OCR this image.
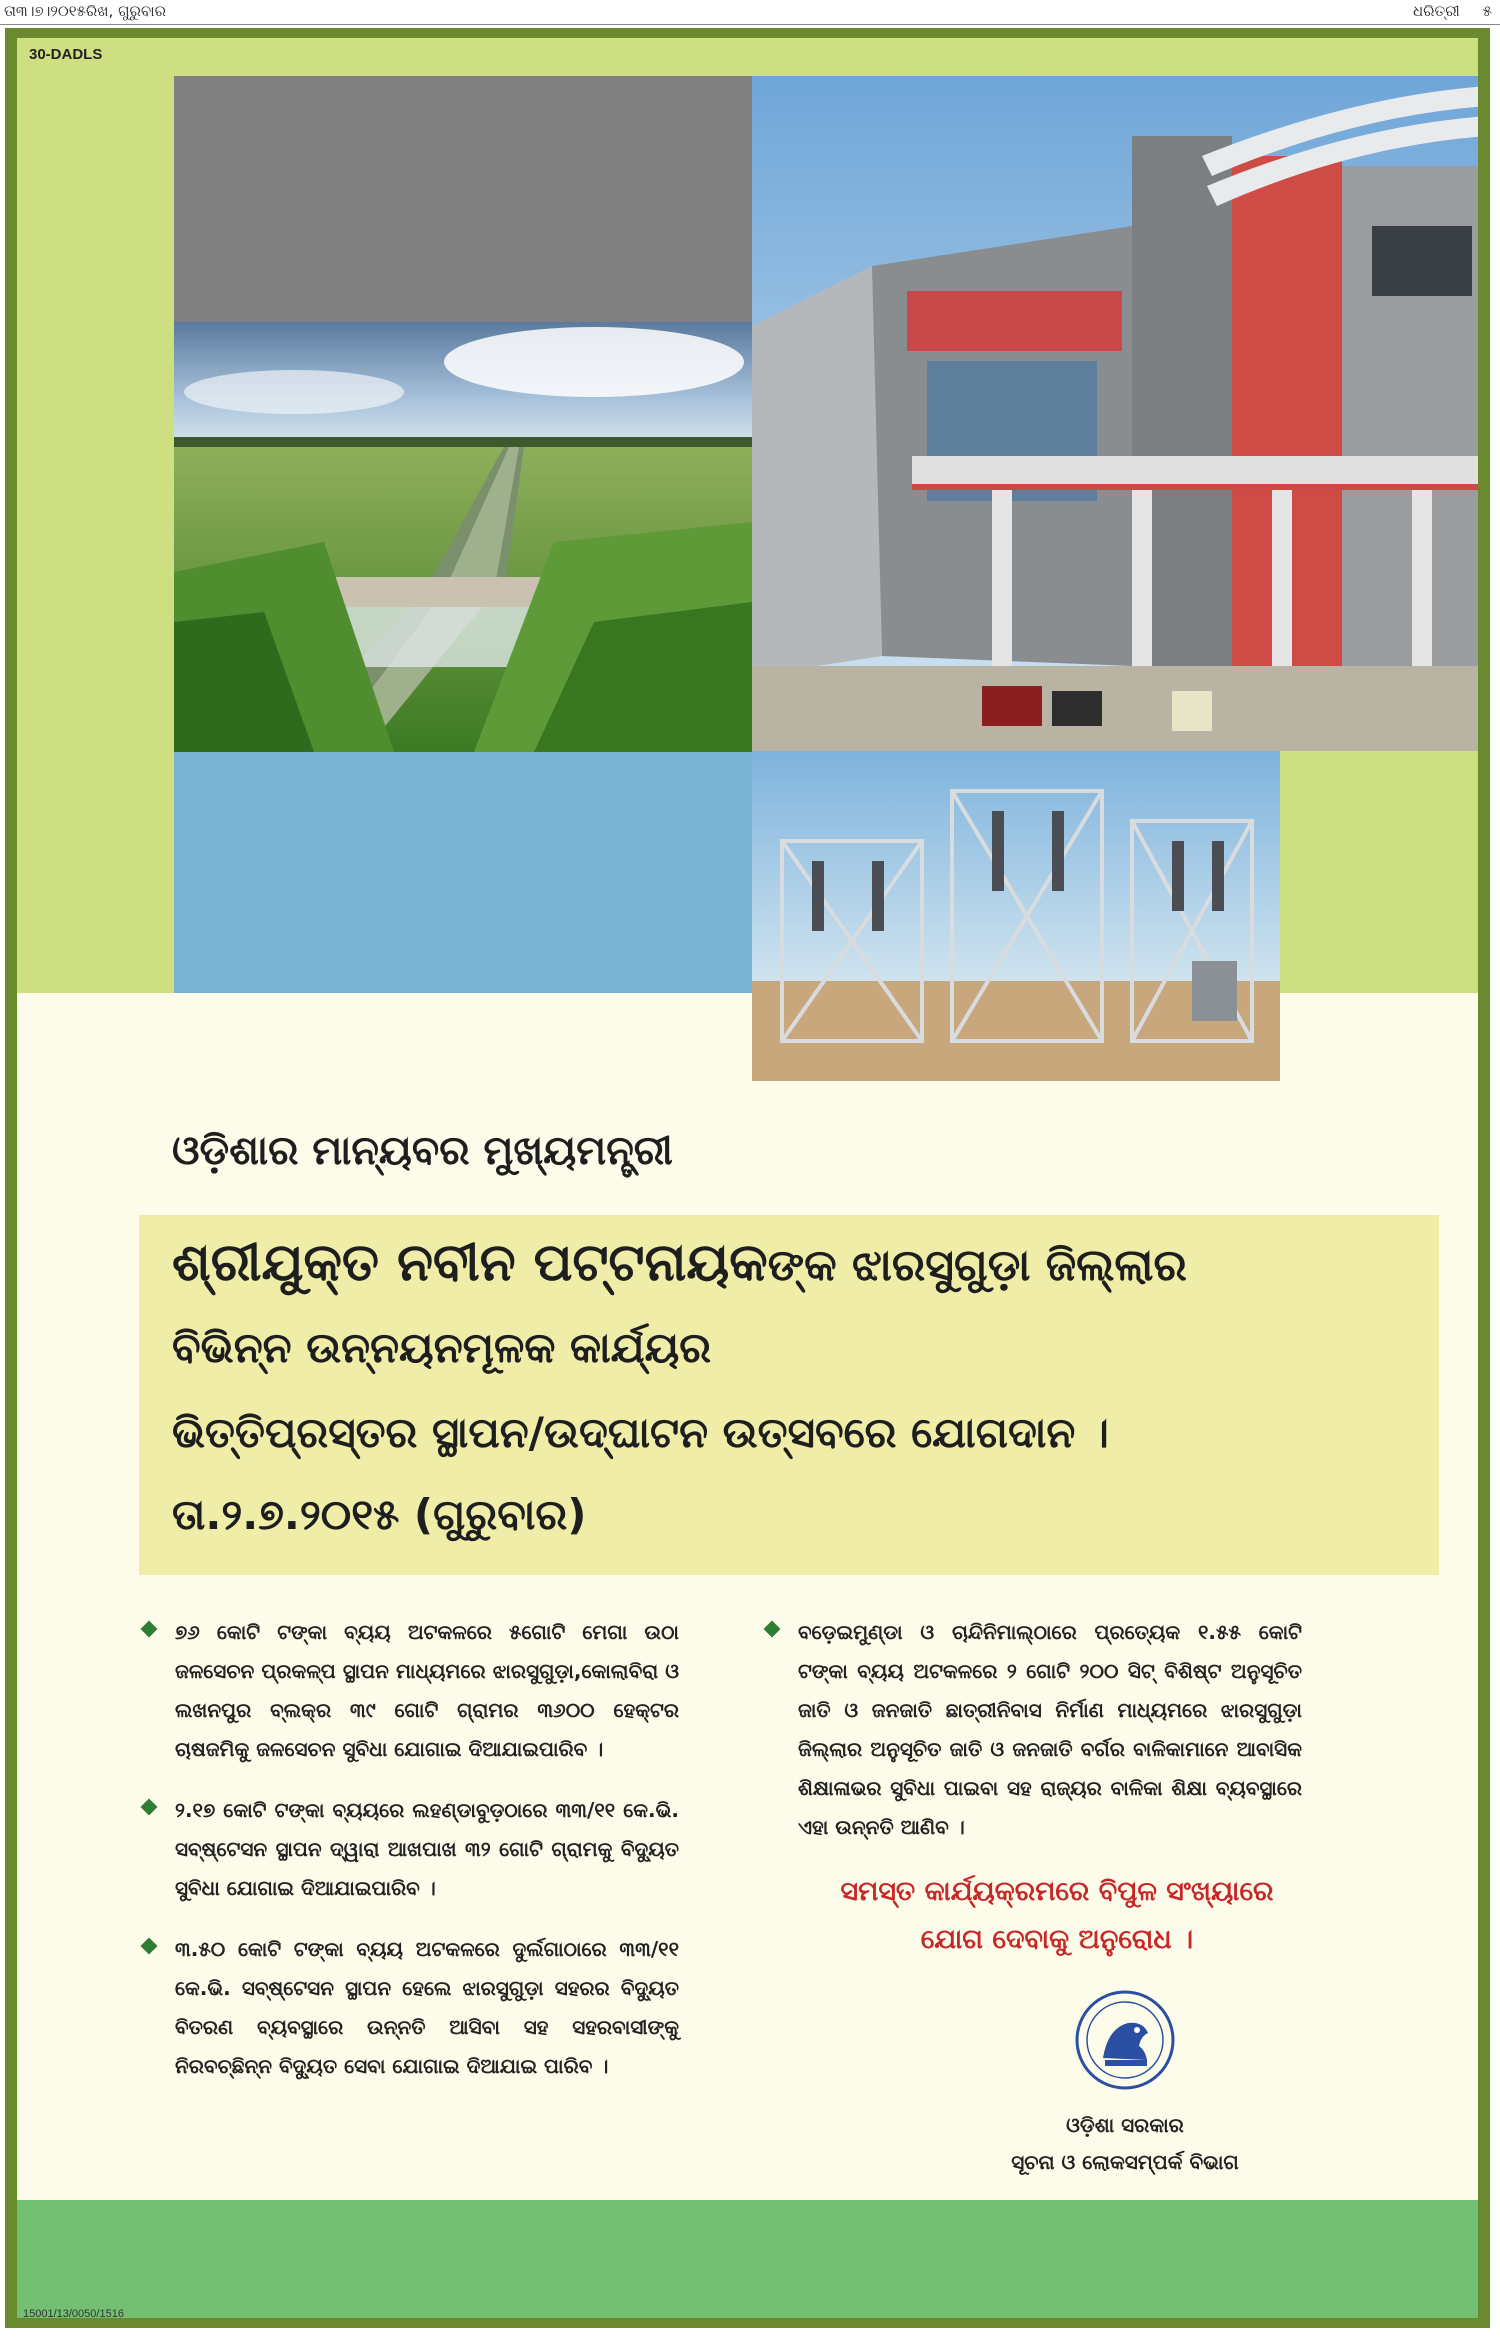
ତା୩।୭।୨୦୧୫ରିଖ, ଗୁରୁବାର	ଧରିତ୍ରୀ ୫
30-DADLS
ଓଡ଼ିଶାର ମାନ୍ୟବର ମୁଖ୍ୟମନ୍ତ୍ରୀ
ଶ୍ରୀଯୁକ୍ତ ନବୀନ ପଟ୍ଟନାୟକଙ୍କ ଝାରସୁଗୁଡ଼ା ଜିଲ୍ଲାର
ବିଭିନ୍ନ ଉନ୍ନୟନମୂଳକ କାର୍ଯ୍ୟର
ଭିତ୍ତିପ୍ରସ୍ତର ସ୍ଥାପନ/ଉଦ୍‌ଘାଟନ ଉତ୍ସବରେ ଯୋଗଦାନ ।
ତା.୨.୭.୨୦୧୫ (ଗୁରୁବାର)
୭୬ କୋଟି ଟଙ୍କା ବ୍ୟୟ ଅଟକଳରେ ୫ଗୋଟି ମେଗା ଉଠା ଜଳସେଚନ ପ୍ରକଳ୍ପ ସ୍ଥାପନ ମାଧ୍ୟମରେ ଝାରସୁଗୁଡ଼ା,କୋଲାବିରା ଓ ଲଖନପୁର ବ୍ଲକ୍‌ର ୩୯ ଗୋଟି ଗ୍ରାମର ୩୬୦୦ ହେକ୍ଟର ଚାଷଜମିକୁ ଜଳସେଚନ ସୁବିଧା ଯୋଗାଇ ଦିଆଯାଇପାରିବ ।
୨.୧୭ କୋଟି ଟଙ୍କା ବ୍ୟୟରେ ଲହଣ୍ଡାବୁଡ଼ଠାରେ ୩୩/୧୧ କେ.ଭି. ସବ୍‌ଷ୍ଟେସନ ସ୍ଥାପନ ଦ୍ୱାରା ଆଖପାଖ ୩୨ ଗୋଟି ଗ୍ରାମକୁ ବିଦ୍ୟୁତ ସୁବିଧା ଯୋଗାଇ ଦିଆଯାଇପାରିବ ।
୩.୫୦ କୋଟି ଟଙ୍କା ବ୍ୟୟ ଅଟକଳରେ ଦୁର୍ଲଗାଠାରେ ୩୩/୧୧ କେ.ଭି. ସବ୍‌ଷ୍ଟେସନ ସ୍ଥାପନ ହେଲେ ଝାରସୁଗୁଡ଼ା ସହରର ବିଦ୍ୟୁତ ବିତରଣ ବ୍ୟବସ୍ଥାରେ ଉନ୍ନତି ଆସିବା ସହ ସହରବାସୀଙ୍କୁ ନିରବଚ୍ଛିନ୍ନ ବିଦ୍ୟୁତ ସେବା ଯୋଗାଇ ଦିଆଯାଇ ପାରିବ ।
ବଡ଼େଇମୁଣ୍ଡା ଓ ଚାନ୍ଦିନିମାଲ୍‌ଠାରେ ପ୍ରତ୍ୟେକ ୧.୫୫ କୋଟି ଟଙ୍କା ବ୍ୟୟ ଅଟକଳରେ ୨ ଗୋଟି ୨୦୦ ସିଟ୍ ବିଶିଷ୍ଟ ଅନୁସୂଚିତ ଜାତି ଓ ଜନଜାତି ଛାତ୍ରୀନିବାସ ନିର୍ମାଣ ମାଧ୍ୟମରେ ଝାରସୁଗୁଡ଼ା ଜିଲ୍ଲାର ଅନୁସୂଚିତ ଜାତି ଓ ଜନଜାତି ବର୍ଗର ବାଳିକାମାନେ ଆବାସିକ ଶିକ୍ଷାଳାଭର ସୁବିଧା ପାଇବା ସହ ରାଜ୍ୟର ବାଳିକା ଶିକ୍ଷା ବ୍ୟବସ୍ଥାରେ ଏହା ଉନ୍ନତି ଆଣିବ ।
ସମସ୍ତ କାର୍ଯ୍ୟକ୍ରମରେ ବିପୁଳ ସଂଖ୍ୟାରେ
ଯୋଗ ଦେବାକୁ ଅନୁରୋଧ ।
ଓଡ଼ିଶା ସରକାର
ସୂଚନା ଓ ଲୋକସମ୍ପର୍କ ବିଭାଗ
15001/13/0050/1516
